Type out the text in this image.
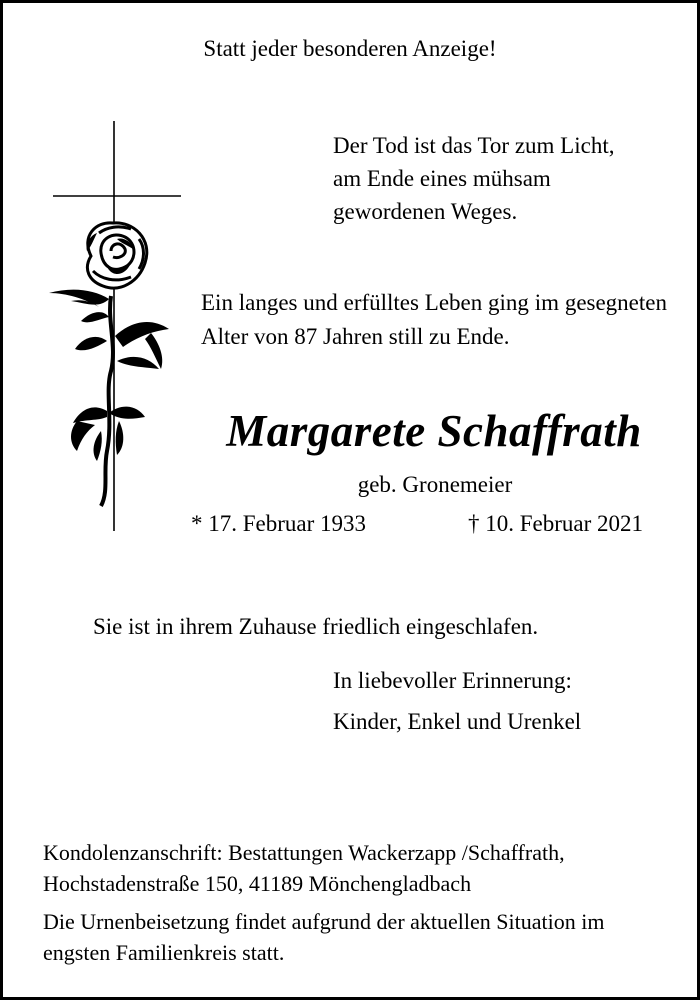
Statt jeder besonderen Anzeige!

Der Tod ist das Tor zum Licht,
am Ende eines mühsam
gewordenen Weges.

Ein langes und erfülltes Leben ging im gesegneten Alter von 87 Jahren still zu Ende.

Margarete Schaffrath

geb. Gronemeier

* 17. Februar 1933	† 10. Februar 2021

Sie ist in ihrem Zuhause friedlich eingeschlafen.

In liebevoller Erinnerung:

Kinder, Enkel und Urenkel

Kondolenzanschrift: Bestattungen Wackerzapp /Schaffrath,
Hochstadenstraße 150, 41189 Mönchengladbach

Die Urnenbeisetzung findet aufgrund der aktuellen Situation im engsten Familienkreis statt.
